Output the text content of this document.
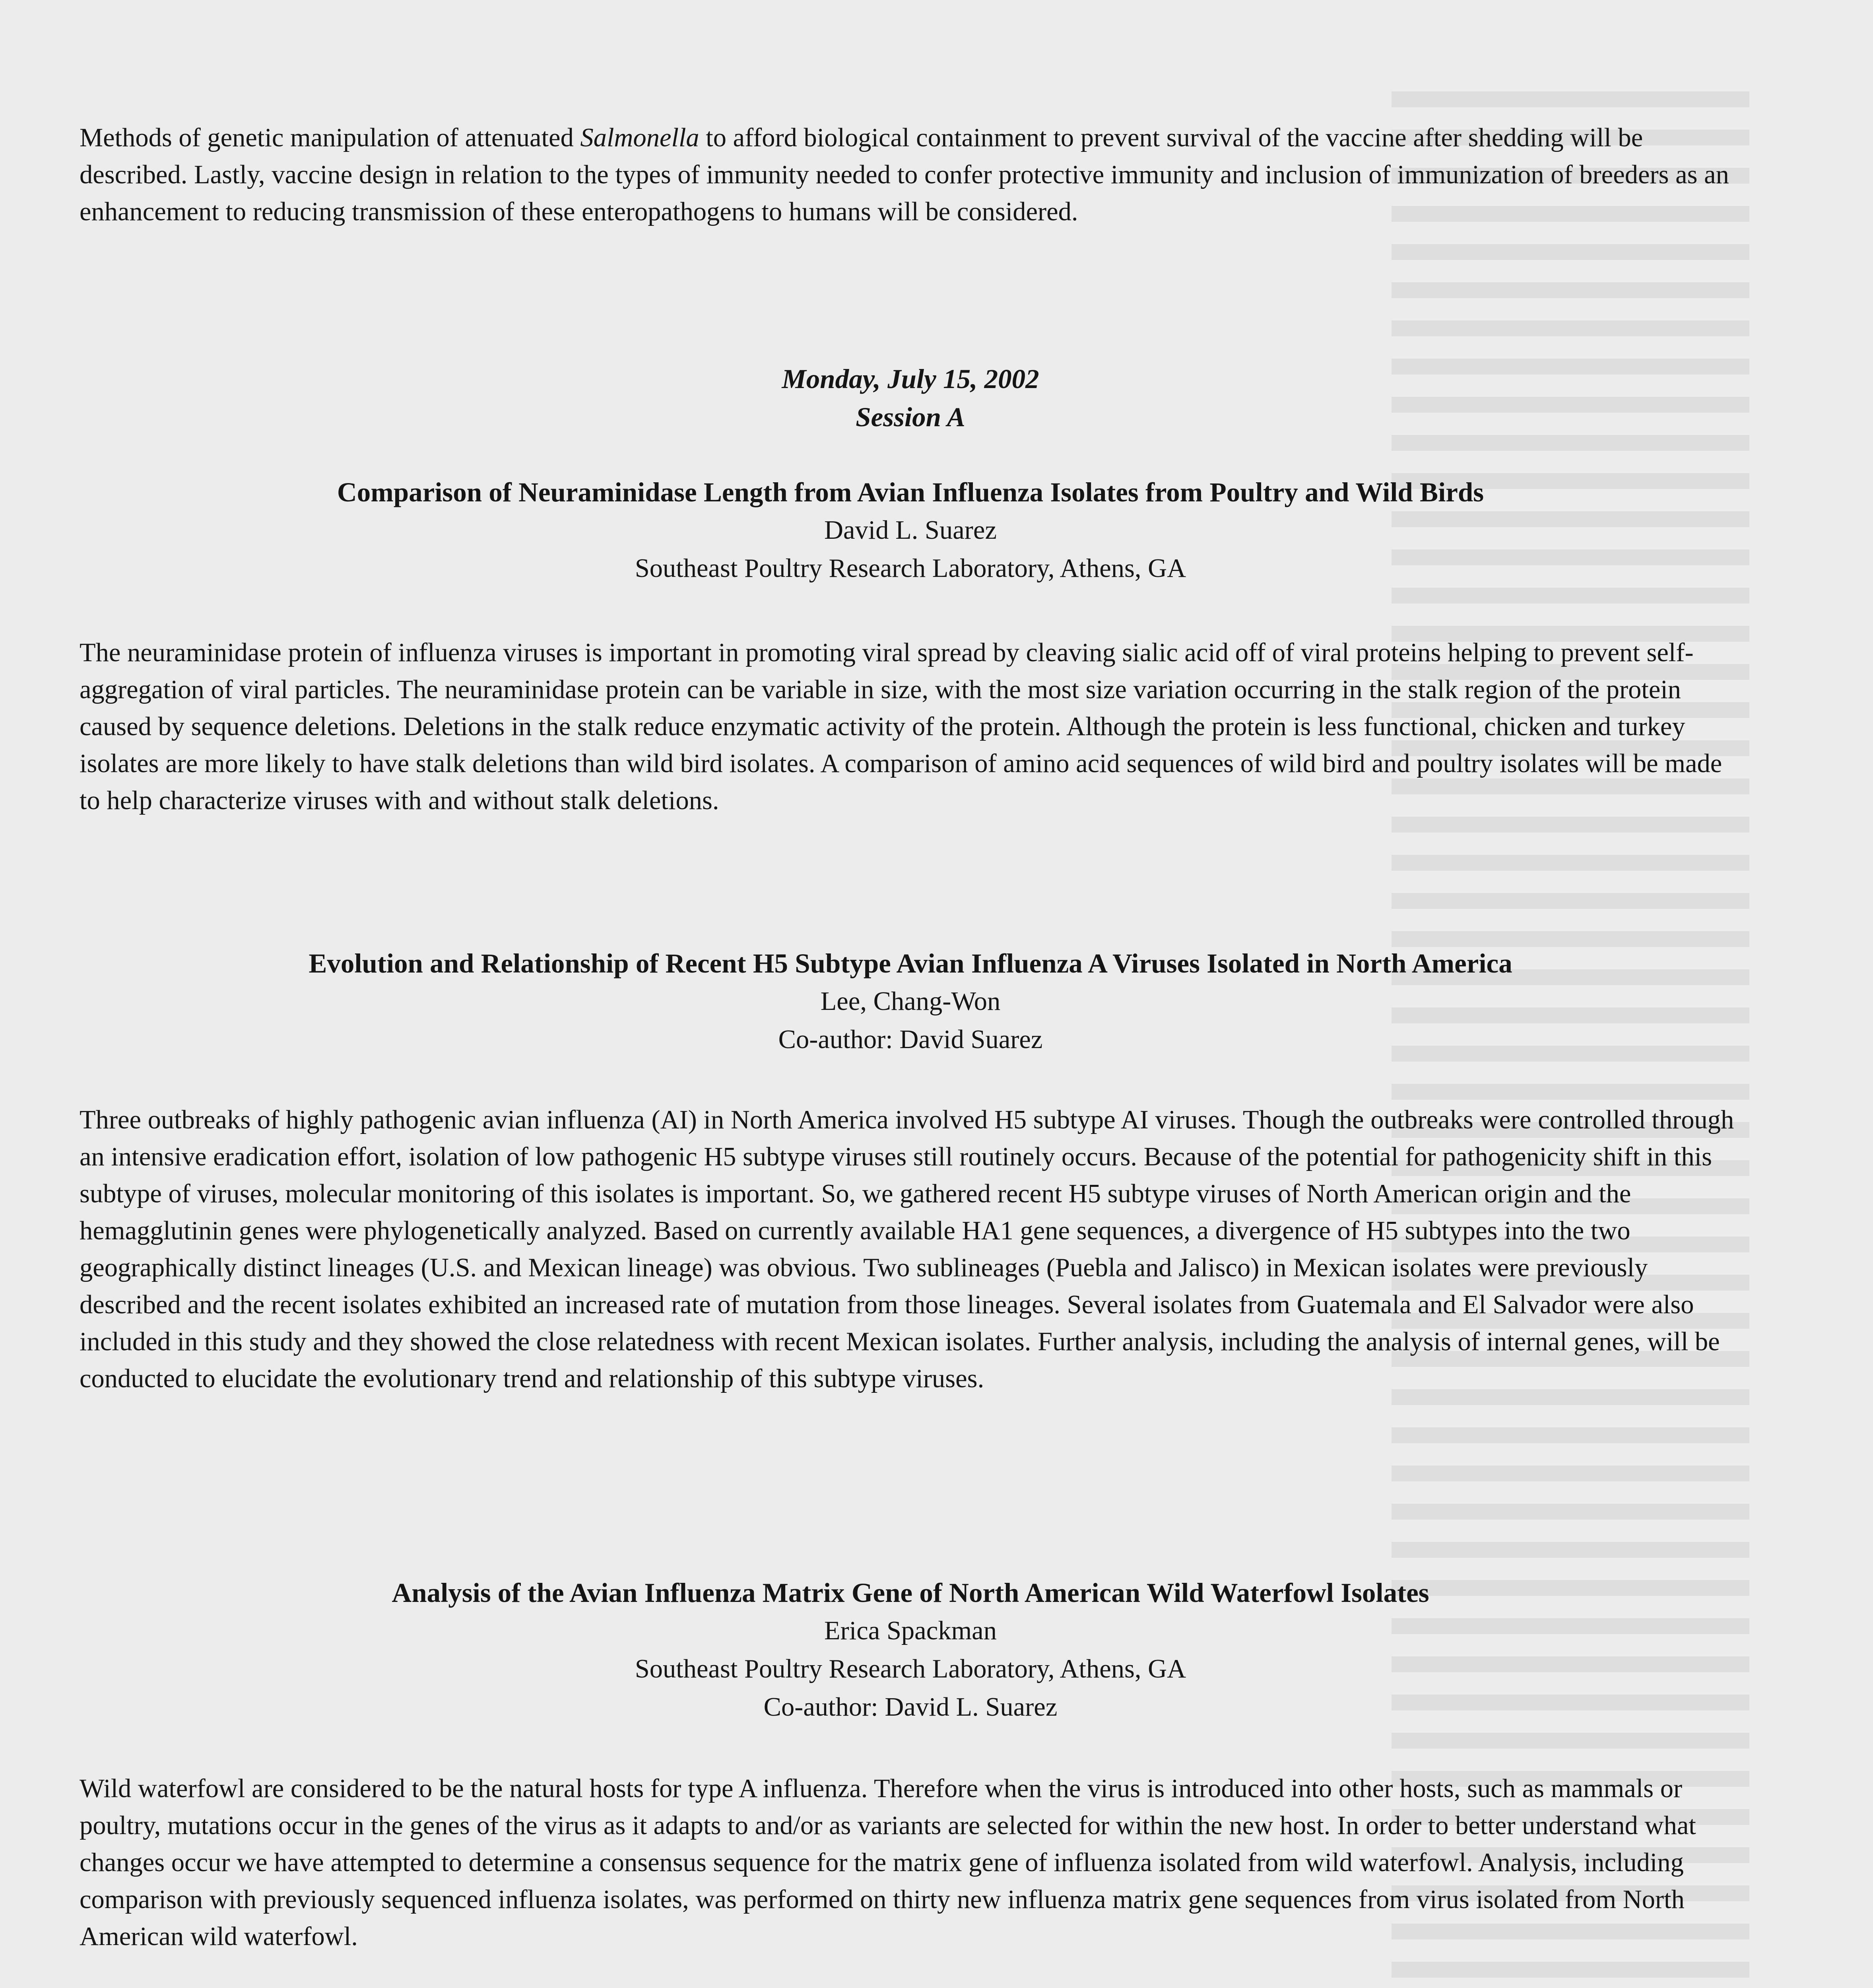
Methods of genetic manipulation of attenuated Salmonella to afford biological containment to prevent survival of the vaccine after shedding will be described. Lastly, vaccine design in relation to the types of immunity needed to confer protective immunity and inclusion of immunization of breeders as an enhancement to reducing transmission of these enteropathogens to humans will be considered.

Monday, July 15, 2002

Session A

Comparison of Neuraminidase Length from Avian Influenza Isolates from Poultry and Wild Birds

David L. Suarez

Southeast Poultry Research Laboratory, Athens, GA

The neuraminidase protein of influenza viruses is important in promoting viral spread by cleaving sialic acid off of viral proteins helping to prevent self-aggregation of viral particles. The neuraminidase protein can be variable in size, with the most size variation occurring in the stalk region of the protein caused by sequence deletions. Deletions in the stalk reduce enzymatic activity of the protein. Although the protein is less functional, chicken and turkey isolates are more likely to have stalk deletions than wild bird isolates. A comparison of amino acid sequences of wild bird and poultry isolates will be made to help characterize viruses with and without stalk deletions.

Evolution and Relationship of Recent H5 Subtype Avian Influenza A Viruses Isolated in North America

Lee, Chang-Won

Co-author: David Suarez

Three outbreaks of highly pathogenic avian influenza (AI) in North America involved H5 subtype AI viruses. Though the outbreaks were controlled through an intensive eradication effort, isolation of low pathogenic H5 subtype viruses still routinely occurs. Because of the potential for pathogenicity shift in this subtype of viruses, molecular monitoring of this isolates is important. So, we gathered recent H5 subtype viruses of North American origin and the hemagglutinin genes were phylogenetically analyzed. Based on currently available HA1 gene sequences, a divergence of H5 subtypes into the two geographically distinct lineages (U.S. and Mexican lineage) was obvious. Two sublineages (Puebla and Jalisco) in Mexican isolates were previously described and the recent isolates exhibited an increased rate of mutation from those lineages. Several isolates from Guatemala and El Salvador were also included in this study and they showed the close relatedness with recent Mexican isolates. Further analysis, including the analysis of internal genes, will be conducted to elucidate the evolutionary trend and relationship of this subtype viruses.

Analysis of the Avian Influenza Matrix Gene of North American Wild Waterfowl Isolates

Erica Spackman

Southeast Poultry Research Laboratory, Athens, GA

Co-author: David L. Suarez

Wild waterfowl are considered to be the natural hosts for type A influenza. Therefore when the virus is introduced into other hosts, such as mammals or poultry, mutations occur in the genes of the virus as it adapts to and/or as variants are selected for within the new host. In order to better understand what changes occur we have attempted to determine a consensus sequence for the matrix gene of influenza isolated from wild waterfowl. Analysis, including comparison with previously sequenced influenza isolates, was performed on thirty new influenza matrix gene sequences from virus isolated from North American wild waterfowl.
